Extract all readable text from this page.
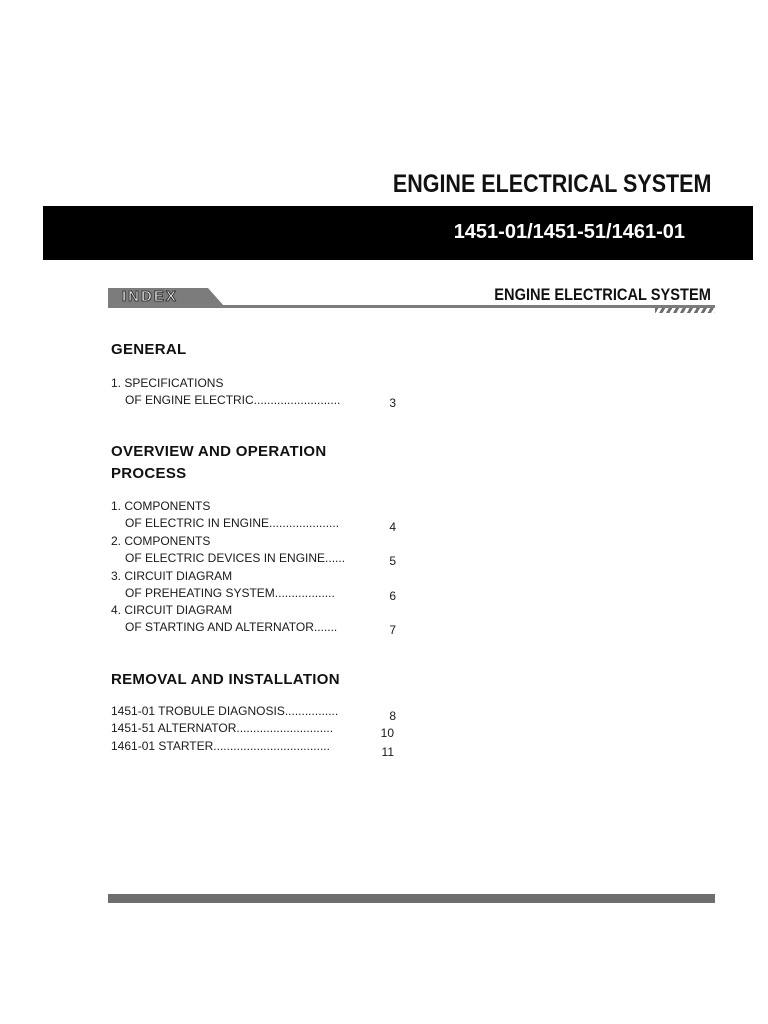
ENGINE ELECTRICAL SYSTEM
1451-01/1451-51/1461-01
INDEX	ENGINE ELECTRICAL SYSTEM
GENERAL
1. SPECIFICATIONS
OF ENGINE ELECTRIC..........................	3
OVERVIEW AND OPERATION
PROCESS
1. COMPONENTS
OF ELECTRIC IN ENGINE.....................	4
2. COMPONENTS
OF ELECTRIC DEVICES IN ENGINE......	5
3. CIRCUIT DIAGRAM
OF PREHEATING SYSTEM..................	6
4. CIRCUIT DIAGRAM
OF STARTING AND ALTERNATOR.......	7
REMOVAL AND INSTALLATION
1451-01 TROBULE DIAGNOSIS................	8
1451-51 ALTERNATOR.............................	10
1461-01 STARTER...................................	11
